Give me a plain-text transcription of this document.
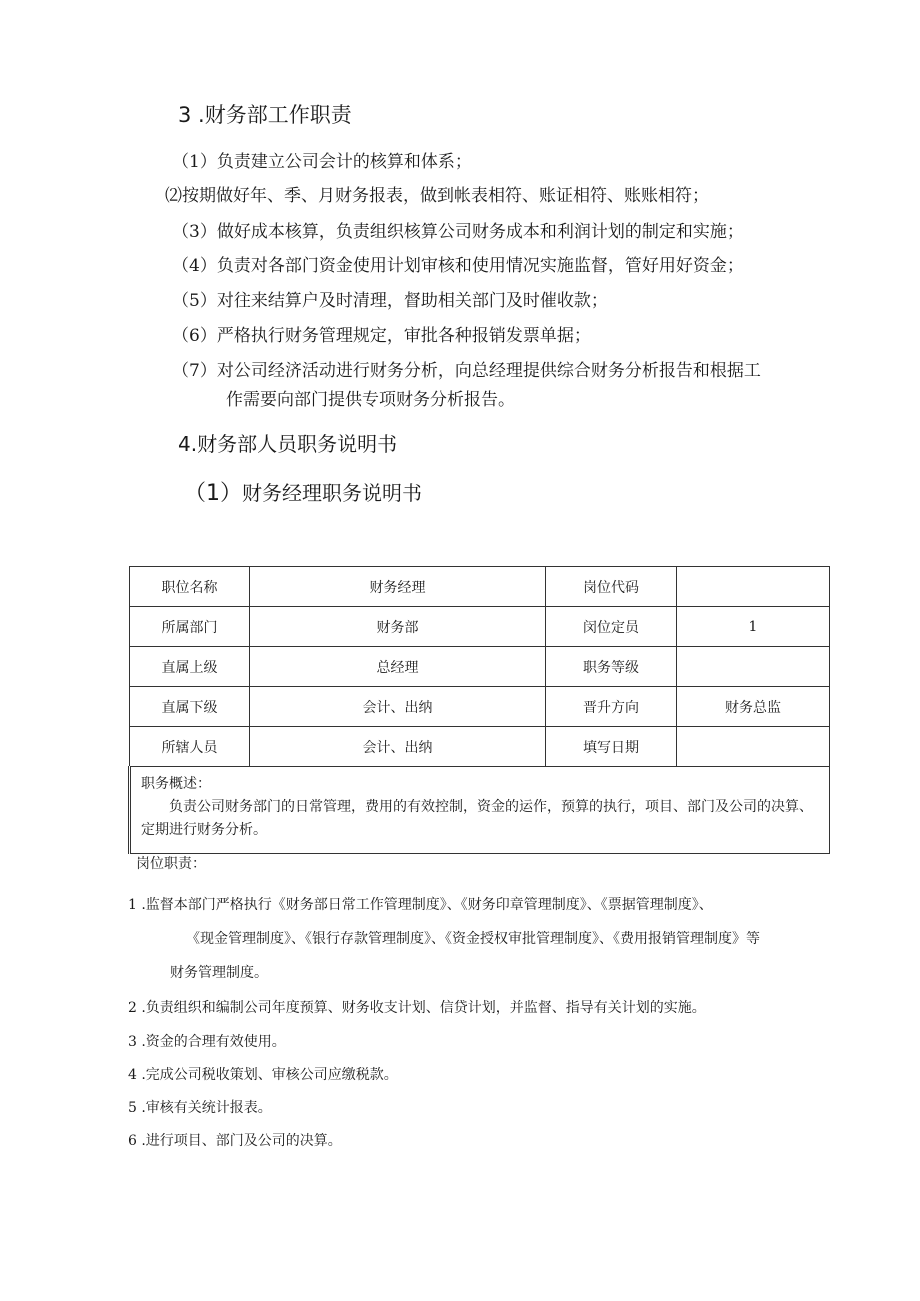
3 .财务部工作职责
（1）负责建立公司会计的核算和体系；
⑵按期做好年、季、月财务报表，做到帐表相符、账证相符、账账相符；
（3）做好成本核算，负责组织核算公司财务成本和利润计划的制定和实施；
（4）负责对各部门资金使用计划审核和使用情况实施监督，管好用好资金；
（5）对往来结算户及时清理，督助相关部门及时催收款；
（6）严格执行财务管理规定，审批各种报销发票单据；
（7）对公司经济活动进行财务分析，向总经理提供综合财务分析报告和根据工
作需要向部门提供专项财务分析报告。
4.财务部人员职务说明书
（1）财务经理职务说明书
职位名称	财务经理	岗位代码	
所属部门	财务部	闵位定员	1
直属上级	总经理	职务等级	
直属下级	会计、出纳	晋升方向	财务总监
所辖人员	会计、出纳	填写日期	

职务概述：
负责公司财务部门的日常管理，费用的有效控制，资金的运作，预算的执行，项目、部门及公司的决算、定期进行财务分析。			
岗位职责：
1 .监督本部门严格执行《财务部日常工作管理制度》、《财务印章管理制度》、《票据管理制度》、
《现金管理制度》、《银行存款管理制度》、《资金授权审批管理制度》、《费用报销管理制度》等
财务管理制度。
2 .负责组织和编制公司年度预算、财务收支计划、信贷计划，并监督、指导有关计划的实施。
3 .资金的合理有效使用。
4 .完成公司税收策划、审核公司应缴税款。
5 .审核有关统计报表。
6 .进行项目、部门及公司的决算。
